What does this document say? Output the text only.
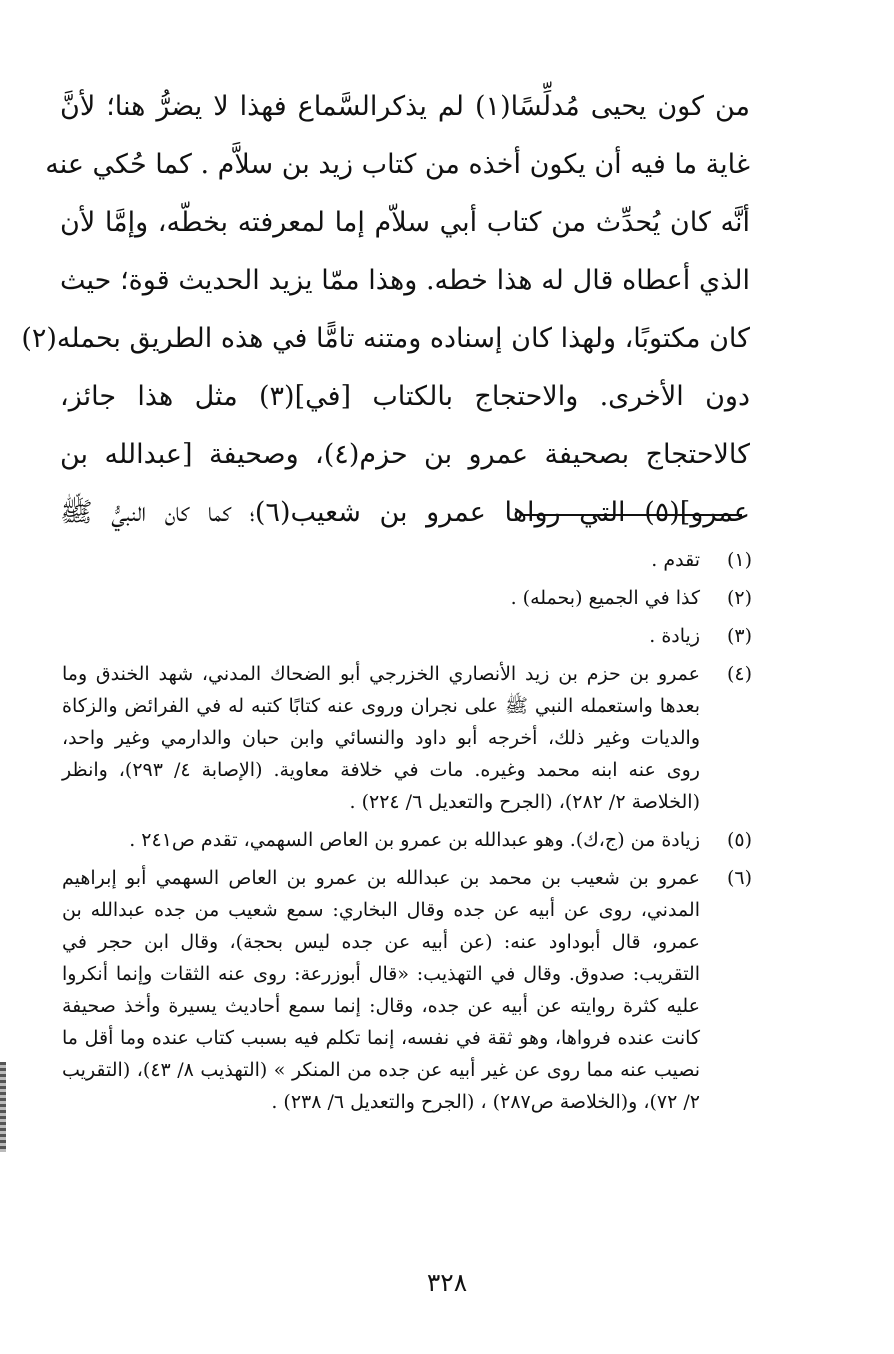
من كون يحيى مُدلِّسًا(١) لم يذكرالسَّماع فهذا لا يضرُّ هنا؛ لأنَّ
غاية ما فيه أن يكون أخذه من كتاب زيد بن سلاَّم . كما حُكي عنه
أنَّه كان يُحدِّث من كتاب أبي سلاّم إما لمعرفته بخطّه، وإمَّا لأن
الذي أعطاه قال له هذا خطه. وهذا ممّا يزيد الحديث قوة؛ حيث
كان مكتوبًا، ولهذا كان إسناده ومتنه تامًّا في هذه الطريق بحمله(٢)
دون الأخرى. والاحتجاج بالكتاب [في](٣) مثل هذا جائز،
كالاحتجاج بصحيفة عمرو بن حزم(٤)، وصحيفة [عبدالله بن
عمرو](٥) التي رواها عمرو بن شعيب(٦)؛ كما كان النبيُّ ﷺ
(١)
تقدم .
(٢)
كذا في الجميع (بحمله) .
(٣)
زيادة .
(٤)
عمرو بن حزم بن زيد الأنصاري الخزرجي أبو الضحاك المدني، شهد الخندق وما
بعدها واستعمله النبي ﷺ على نجران وروى عنه كتابًا كتبه له في الفرائض والزكاة
والديات وغير ذلك، أخرجه أبو داود والنسائي وابن حبان والدارمي وغير واحد،
روى عنه ابنه محمد وغيره. مات في خلافة معاوية. (الإصابة ٤/ ٢٩٣)، وانظر
(الخلاصة ٢/ ٢٨٢)، (الجرح والتعديل ٦/ ٢٢٤) .
(٥)
زيادة من (ج،ك). وهو عبدالله بن عمرو بن العاص السهمي، تقدم ص٢٤١ .
(٦)
عمرو بن شعيب بن محمد بن عبدالله بن عمرو بن العاص السهمي أبو إبراهيم
المدني، روى عن أبيه عن جده وقال البخاري: سمع شعيب من جده عبدالله بن
عمرو، قال أبوداود عنه: (عن أبيه عن جده ليس بحجة)، وقال ابن حجر في
التقريب: صدوق. وقال في التهذيب: «قال أبوزرعة: روى عنه الثقات وإنما أنكروا
عليه كثرة روايته عن أبيه عن جده، وقال: إنما سمع أحاديث يسيرة وأخذ صحيفة
كانت عنده فرواها، وهو ثقة في نفسه، إنما تكلم فيه بسبب كتاب عنده وما أقل ما
نصيب عنه مما روى عن غير أبيه عن جده من المنكر » (التهذيب ٨/ ٤٣)، (التقريب
٢/ ٧٢)، و(الخلاصة ص٢٨٧) ، (الجرح والتعديل ٦/ ٢٣٨) .
٣٢٨
